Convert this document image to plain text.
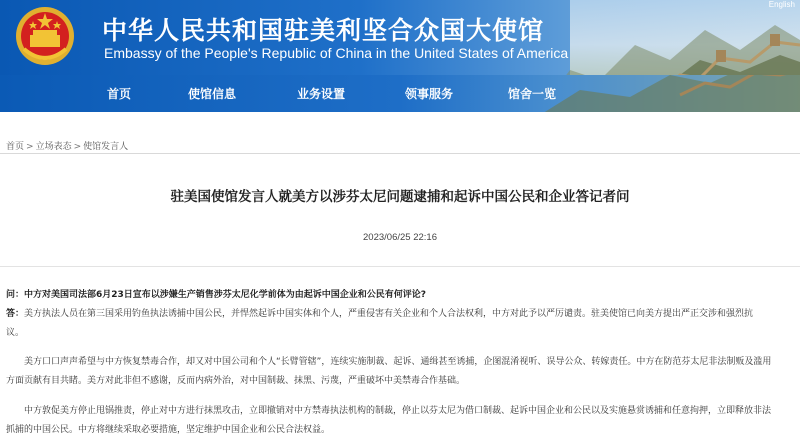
中华人民共和国驻美利坚合众国大使馆
Embassy of the People's Republic of China in the United States of America
English
首页	使馆信息	业务设置	领事服务	馆舍一览
首页 > 立场表态 > 使馆发言人
驻美国使馆发言人就美方以涉芬太尼问题逮捕和起诉中国公民和企业答记者问
2023/06/25 22:16
问：中方对美国司法部6月23日宣布以涉嫌生产销售涉芬太尼化学前体为由起诉中国企业和公民有何评论?
答：美方执法人员在第三国采用钓鱼执法诱捕中国公民，并悍然起诉中国实体和个人，严重侵害有关企业和个人合法权利，中方对此予以严厉谴责。驻美使馆已向美方提出严正交涉和强烈抗
议。
美方口口声声希望与中方恢复禁毒合作，却又对中国公司和个人“长臂管辖”，连续实施制裁、起诉、通缉甚至诱捕，企图混淆视听、误导公众、转嫁责任。中方在防范芬太尼非法制贩及滥用
方面贡献有目共睹。美方对此非但不感谢，反而内病外治，对中国制裁、抹黑、污蔑，严重破坏中美禁毒合作基础。
中方敦促美方停止甩锅推责，停止对中方进行抹黑攻击，立即撤销对中方禁毒执法机构的制裁，停止以芬太尼为借口制裁、起诉中国企业和公民以及实施悬赏诱捕和任意拘押，立即释放非法
抓捕的中国公民。中方将继续采取必要措施，坚定维护中国企业和公民合法权益。
